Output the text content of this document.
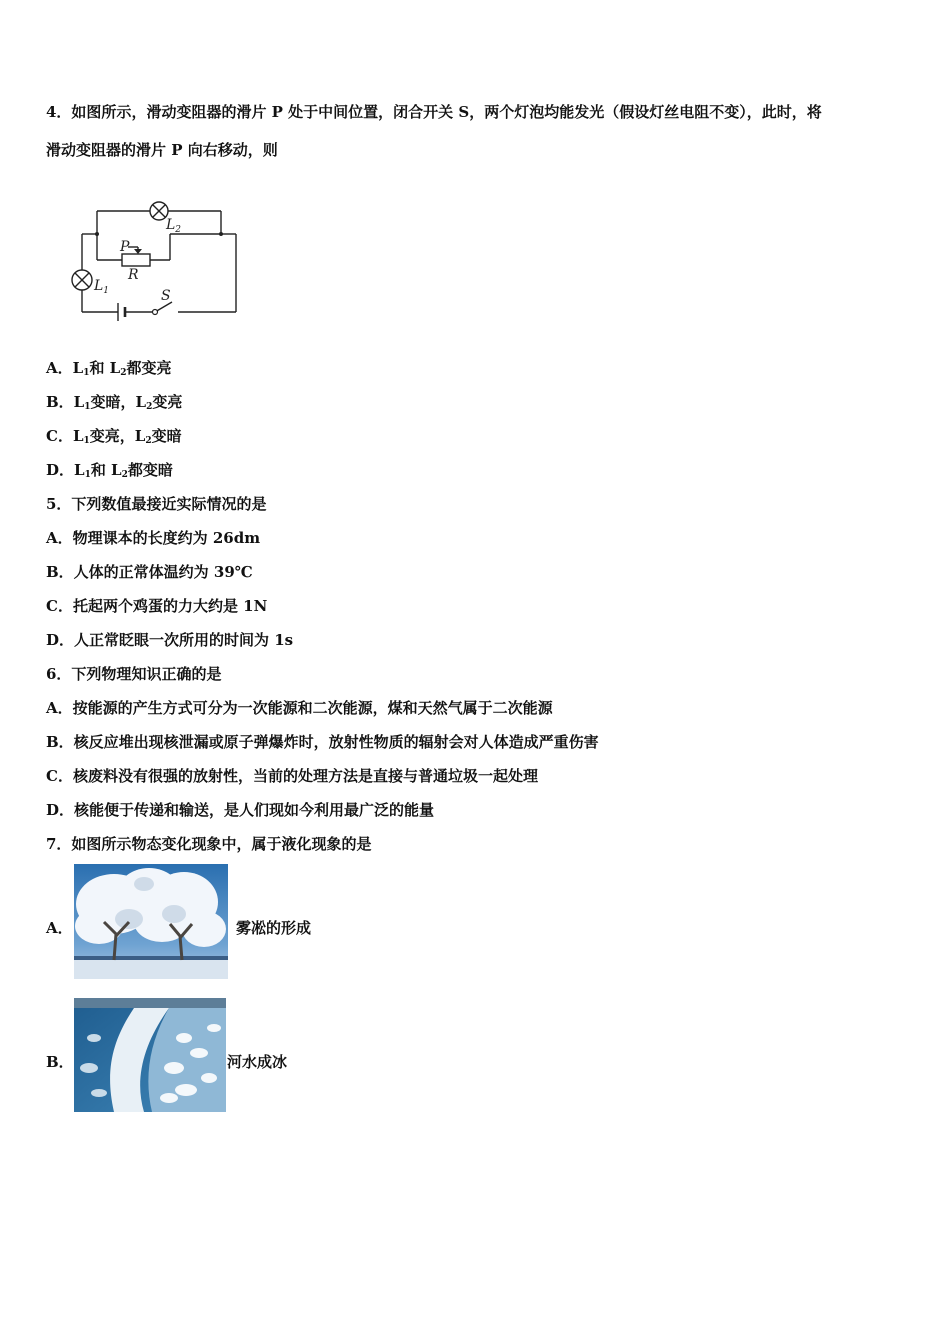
4．如图所示，滑动变阻器的滑片 P 处于中间位置，闭合开关 S，两个灯泡均能发光（假设灯丝电阻不变），此时，将
滑动变阻器的滑片 P 向右移动，则
$L_2$
P
R
$L_1$	S
A．$L_1$和 $L_2$都变亮
B．$L_1$变暗，$L_2$变亮
C．$L_1$变亮，$L_2$变暗
D．$L_1$和 $L_2$都变暗
5．下列数值最接近实际情况的是
A．物理课本的长度约为 26dm
B．人体的正常体温约为 39℃
C．托起两个鸡蛋的力大约是 1N
D．人正常眨眼一次所用的时间为 1s
6．下列物理知识正确的是
A．按能源的产生方式可分为一次能源和二次能源，煤和天然气属于二次能源
B．核反应堆出现核泄漏或原子弹爆炸时，放射性物质的辐射会对人体造成严重伤害
C．核废料没有很强的放射性，当前的处理方法是直接与普通垃圾一起处理
D．核能便于传递和输送，是人们现如今利用最广泛的能量
7．如图所示物态变化现象中，属于液化现象的是
A．	雾凇的形成
B．	河水成冰
